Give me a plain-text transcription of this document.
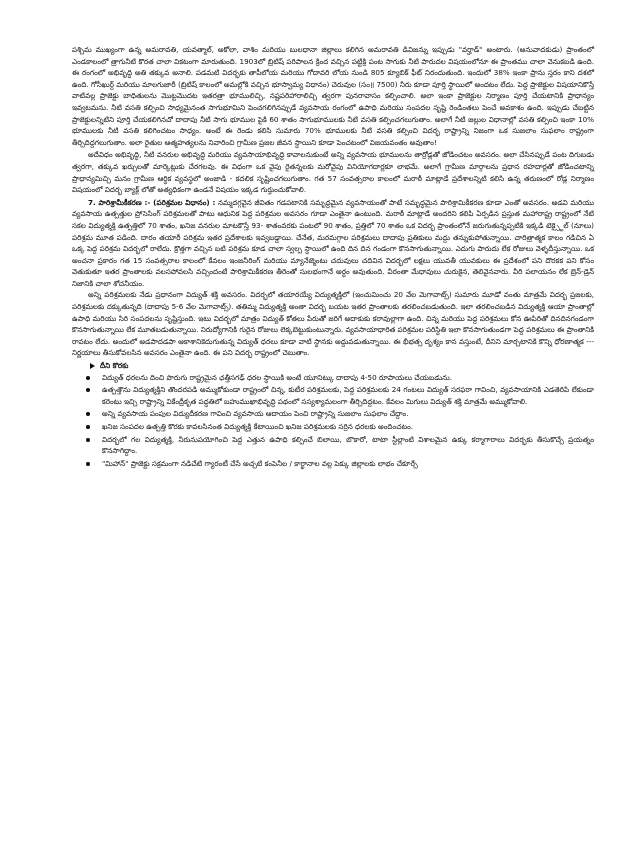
పశ్చిమ ముఖ్యంగా ఉన్న అమరావతి, యవత్మాల్, అకోలా, వాశిం మరియు బులధానా జిల్లాలు కలిగిన అమరావతి డివిజన్ను ఇప్పుడు "వర్హాడ్" అంటారు. (అనువాదకుడు) ప్రాంతంలో ఎండకాలంలో త్రాగునీటి కొరత చాలా వికటంగా మారుతుంది. 1903లో బ్రిటిష్ పరిపాలన క్రింద వచ్చిన పట్టిక్రి పంట సాగుకు నీటి పారుదల విషయంలోనూ ఈ ప్రాంతము చాలా వెనుకబడి ఉంది. ఈ రంగంలో అభివృద్ధి అతి తక్కువ అనాలి. పడమటి విదర్భకు తాపీలోయ మరియు గోదావరి లోయ నుండి 805 క్యూబిక్ ఫీట్ నిరందుతుంది. ఇందులో 38% ఇంకా ప్రాను స్తరం కాని దశలో ఉంది. గోసీఖుర్ద్ మరియు మాలగుజారీ (బ్రిటిష్ కాలంలో అమల్లోకి వచ్చిన భూస్వామ్య విధానం) చెరువుల (సం॥ 7500) నీరు కూడా పూర్తి స్థాయిలో అందటం లేదు. పెద్ద ప్రాజెక్టుల విషయానికొస్తే వాటివల్ల ప్రాజెక్టు బాధితులను మొట్టమొదట ఇతరత్రా భూములిచ్చి, నష్టపరిహారాలిచ్చి త్వరగా పునరావాసం కల్పించాలి. అలా ఇంకా ప్రాజెక్టుల నిర్మాణం పూర్తి చేయటానికి ప్రాధాన్యం ఇవ్వటమను. నీటి వసతి కల్పించి సాధ్యమైనంత సాగుభూమిని పెంచగలిగినప్పుడే వ్యవసాయ రంగంలో ఉపాధి మరియు సంపదల సృష్టి రెండింతలు పెంచే అవకాశం ఉంది. ఇప్పుడు చేబట్టిన ప్రాజెక్టులన్నిటిని పూర్తి చేయకలిగినచో దాదాపు నీటి సాగు భూముల పైకి 60 శాతం సాగుభూములకు నీటి వసతి కల్పించగలుగుతాం. అలాగే నీటి జల్లుల విధానాల్లో వసతి కల్పించి ఇంకా 10% భూములకు నీటి వసతి కలిగించటం సాధ్యం. అంటే ఈ రెండు కలిసి సుమారు 70% భూములకు నీటి వసతి కల్పించి విదర్భ రాష్ట్రాన్ని నిజంగా ఒక సుజలాం సుఫలాం రాష్ట్రంగా తీర్చిదిద్దగలుగుతాం. అలా రైతుల ఆత్మహత్యలను నివారించి గ్రామీణ ప్రజల జీవన స్థాయిని కూడా పెంచటంలో విజయవంతం అవుతాం!

అదేవిధం అభివృద్ధి, నీటి వనరుల అభివృద్ధి మరియు వ్యవసాయాభివృద్ధి కావాలనుకుంటే అన్ని వ్యవసాయ భూములను తార్రోడ్లతో జోడించటం అవసరం. అలా చేసినప్పుడే పంట దిగుబడు త్వరగా, తక్కువ ఖర్చులతో మార్కెట్లుకు చేరగలవు. ఈ విధంగా ఒక వైపు రైతన్నలకు మరోవైపు వినియోగదార్లకూ లాభమే. అలాగే గ్రామీణ మార్గాలను ప్రధాన రహదార్లతో జోడించటాన్ని ప్రాధాన్యమిచ్చి మనం గ్రామీణ ఆర్థిక వ్యవస్థలో అంజాడి - కదలిక సృష్టించగలుగుతాం. గత 57 సంవత్సరాల కాలంలో మరాఠీ మాట్లాడే ప్రదేశాలన్నిటి కలిసి ఉన్న తరుణంలో రోడ్ల నిర్మాణం విషయంలో విదర్భ బ్యాక్గ్ లోతో అత్యధికంగా ఉండనే విషయం ఇక్కడ గుర్తుంచుకోవాలి.

7. పారిశ్రామీకీకరణ :- (పరిశ్రమల విధానం) : నమ్మదగ్గవైన జీవితం గడపటానికి సమృద్ధమైన వ్యవసాయంతో పాటే సమృద్ధమైన పారిశ్రామికీకరణ కూడా ఎంతో అవసరం. అడవి మరియు వ్యవసాయ ఉత్పత్తుల ప్రోసెసింగ్ పరిశ్రమలతో పాటు ఆధునిక పెద్ద పరిశ్రమల అవసరం గూడా ఎంతైనా ఉంటుంది. మరాఠీ మాట్లాడే అందరిని కలిపి ఏర్పడిన ప్రస్తుత మహారాష్ట్ర రాష్ట్రంలో నేటి సకల విద్యుత్శక్తి ఉత్పత్తిలో 70 శాతం, ఖనిజ వనరుల మాటకొస్తే 93- శాతంవరకు పంటలో 90 శాతం, ప్రత్తిలో 70 శాతం ఒక విదర్భ ప్రాంతంలోనే జరుగుతున్నప్పటికి ఇక్కడి టెక్స్టైల్ (నూలు) పరిశ్రమ మూత పడింది. దారం తయారీ పరిశ్రమ ఇతర ప్రదేశాలకు ఇవ్వబడ్డాయి. చేనేత, మరమగ్గాల పరిశ్రమలు దాదాపు ప్రతికులు మద్దు తన్నుకుపోతున్నాయి. చారిత్రాత్మక కాలం గడిచిన ఏ ఒక్క పెద్ద పరిశ్రమ విదర్భలో రాలేదు. క్రొత్తగా వచ్చిన బటి పరిశ్రమ కూడ చాలా స్వల్ప స్థాయిలో ఉంది దిన దిన గండంగా కొనసాగుతున్నాయి. ఎదుగు పారుదు లేక రోజులు వెళ్ళదీస్తున్నాయి. ఒక అంచనా ప్రకారం గత 15 సంవత్సరాల కాలంలో కేవలం ఇంజనీరింగ్ మరియు మ్యానేజ్మెంటు చదువులు చదివిన విదర్భలో లక్షలు యువతీ యువకులు ఈ ప్రదేశంలో పని దొరకక పని కోసం వెతుకుతూ ఇతర ప్రాంతాలకు వలసపోవలసి వచ్చిందంటే పారిశ్రామికీకరణ తీరెంతో సులభంగానే అర్థం అవుతుంది. వీరంతా మేధావులు చురుకైన, తెలివైనవారు. వీరి పలాయనం లేక బ్రెన్-డ్రెన్ నిజానికి చాలా శోచనీయం.

అన్ని పరిశ్రమలకు నేడు ప్రధానంగా విద్యుత్ శక్తి అవసరం. విదర్భలో తయారయ్యే విద్యుత్శక్తిలో (ఇంచుమించు 20 వేల మెగావాట్స్) సుమారు మూడో వంతు మాత్రమే విదర్భ ప్రజలకు, పరిశ్రమలకు దక్కుతున్నది (దాదాపు 5-6 వేల మెగావాట్స్). తతిమ్మ విద్యుత్శక్తి అంతా విదర్భ బయట ఇతర ప్రాంతాలకు తరలించబడుతుంది. ఇలా తరలించబడిన విద్యుత్శక్తి ఆయా ప్రాంతాల్లో ఉపాధి మరియు సిరి సంపదలను సృష్టిస్తుంది. ఇటు విదర్భలో మాత్రం విద్యుత్ కోతలు పేరుతో జరిగే అదాకుకు కరావుల్లాగా ఉంది. చిన్న మరియు పెద్ద పరిశ్రమలు కోన ఊపిరితో దినదినగండంగా కొనసాగుతున్నాయి లేక మూతబడుతున్నాయి. నిరుద్యోగానికి గురైన రోజులు లెక్కబెట్టుకుంటున్నారు. వ్యవసాయాధారిత పరిశ్రమల పరిస్థితి ఇలా కొనసాగుతుండగా పెద్ద పరిశ్రమలు ఈ ప్రాంతానికి రావటం లేదు. అందులో అడపాదడపా ఆకాశానికెదుగుతున్న విద్యుత్ ధరలు కూడా వాటి స్థానకు అద్దువడుతున్నాయి. ఈ భీభత్స దృశ్యం కాన వస్తుంటే, దీనిని మార్చటానికి కొన్ని ధోరణాత్మక --- నిర్ణయాలు తీసుకోవలసిన అవసరం ఎంతైనా ఉంది. ఈ పని విదర్భ రాష్ట్రంలో చెబుతాం.

దీని కొరకు
విద్యుత్ ధరలను దించి పొరుగు రాష్ట్రమైన ఛత్తీసగఢ్ ధరల స్థాయికి అంటే యూనిట్కు దాదాపు 4-50 రూపాయలు చేయబడును.
ఉత్పత్తౌను విద్యుత్శక్తిని తొందరపడి అమ్ముకోకుండా రాష్ట్రంలో చిన్న, కుటీర పరిశ్రమలకు, పెద్ద పరిశ్రమలకు 24 గంటలు విద్యుత్ సరఫరా గావించి, వ్యవసాయానికి ఎడతెరిపి లేకుండా కరెంటు ఇచ్చి రాష్ట్రాన్ని వికేంద్రీకృత పద్ధతిలో బహుముఖాభివృద్ధి పథంలో సస్యశ్యామలంగా తీర్చిదిద్దటం. కేవలం మిగులు విద్యుత్ శక్తి మాత్రమే అమ్ముకోవాలి.
అన్ని వ్యవసాయ పంపుల విద్యుదీకరణ గావించి వ్యవసాయ ఆదాయం పెంచి రాష్ట్రాన్ని సుజలాం సుఫలాం చేద్దాం.
ఖనిజ సంపదల ఉత్పత్తి కొరకు కావలసినంత విద్యుత్శక్తి కేటాయించి ఖనిజ పరిశ్రమలకు సర్రిన ధరలకు అందించటం.
విదర్భలో గల విద్యుత్శక్తి, నీరునుపయోగించి పెద్ద ఎత్తున ఉపాధి కల్పించే బిలాయి, బొకారో, టాటా స్టీల్లాంటి విశాలమైన ఉక్కు కర్మాగారాలు విదర్భకు తీసుకొచ్చే ప్రయత్నం కొనసాగిద్దాం.
"మిహాన్" ప్రాజెక్టు సక్రమంగా నడిచేటి గ్యారంటీ చేసే అచ్చటి కంపెనీల / కార్ఖానాల వల్ల పెక్కు జిల్లాలకు లాభం చేకూర్చే
